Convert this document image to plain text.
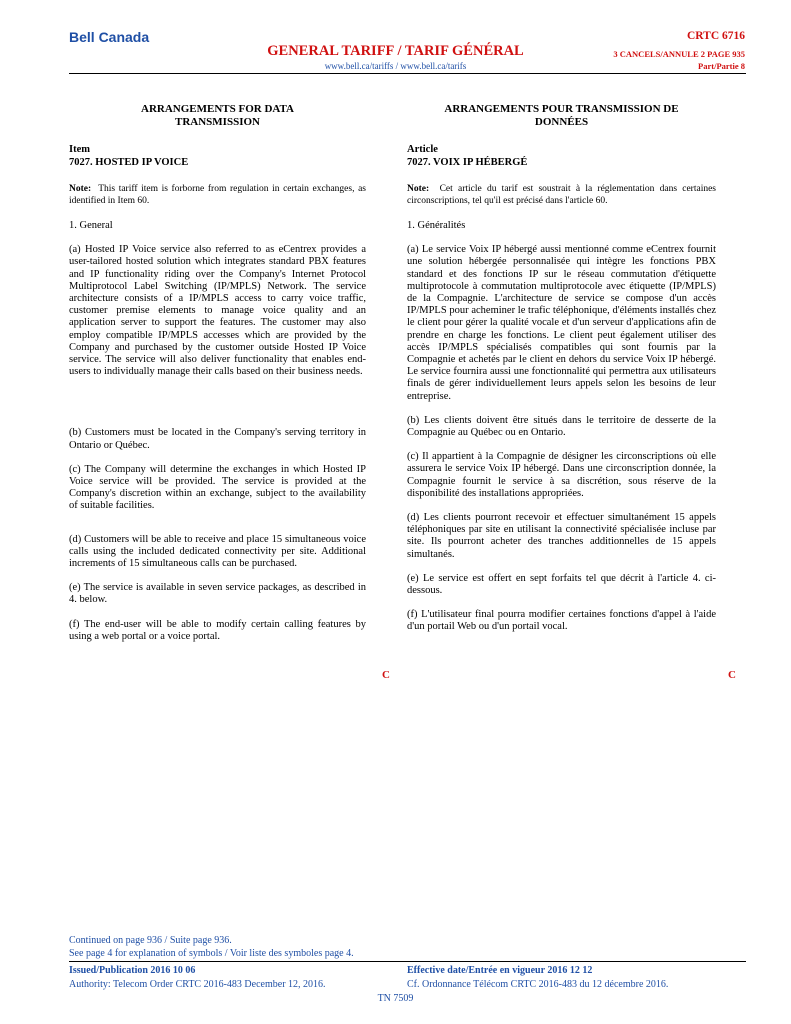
Bell Canada	CRTC 6716
GENERAL TARIFF / TARIF GÉNÉRAL	3 CANCELS/ANNULE 2 PAGE 935
www.bell.ca/tariffs / www.bell.ca/tarifs	Part/Partie 8
ARRANGEMENTS FOR DATA
TRANSMISSION
Item
7027. HOSTED IP VOICE
Note: This tariff item is forborne from regulation in certain exchanges, as identified in Item 60.
1. General
(a) Hosted IP Voice service also referred to as eCentrex provides a user-tailored hosted solution which integrates standard PBX features and IP functionality riding over the Company's Internet Protocol Multiprotocol Label Switching (IP/MPLS) Network. The service architecture consists of a IP/MPLS access to carry voice traffic, customer premise elements to manage voice quality and an application server to support the features. The customer may also employ compatible IP/MPLS accesses which are provided by the Company and purchased by the customer outside Hosted IP Voice service. The service will also deliver functionality that enables end-users to individually manage their calls based on their business needs.
(b) Customers must be located in the Company's serving territory in Ontario or Québec.
(c) The Company will determine the exchanges in which Hosted IP Voice service will be provided. The service is provided at the Company's discretion within an exchange, subject to the availability of suitable facilities.
(d) Customers will be able to receive and place 15 simultaneous voice calls using the included dedicated connectivity per site. Additional increments of 15 simultaneous calls can be purchased.
(e) The service is available in seven service packages, as described in 4. below.
(f) The end-user will be able to modify certain calling features by using a web portal or a voice portal.
C
ARRANGEMENTS POUR TRANSMISSION DE
DONNÉES
Article
7027. VOIX IP HÉBERGÉ
Note: Cet article du tarif est soustrait à la réglementation dans certaines circonscriptions, tel qu'il est précisé dans l'article 60.
1. Généralités
(a) Le service Voix IP hébergé aussi mentionné comme eCentrex fournit une solution hébergée personnalisée qui intègre les fonctions PBX standard et des fonctions IP sur le réseau commutation d'étiquette multiprotocole à commutation multiprotocole avec étiquette (IP/MPLS) de la Compagnie. L'architecture de service se compose d'un accès IP/MPLS pour acheminer le trafic téléphonique, d'éléments installés chez le client pour gérer la qualité vocale et d'un serveur d'applications afin de prendre en charge les fonctions. Le client peut également utiliser des accès IP/MPLS spécialisés compatibles qui sont fournis par la Compagnie et achetés par le client en dehors du service Voix IP hébergé. Le service fournira aussi une fonctionnalité qui permettra aux utilisateurs finals de gérer individuellement leurs appels selon les besoins de leur entreprise.
(b) Les clients doivent être situés dans le territoire de desserte de la Compagnie au Québec ou en Ontario.
(c) Il appartient à la Compagnie de désigner les circonscriptions où elle assurera le service Voix IP hébergé. Dans une circonscription donnée, la Compagnie fournit le service à sa discrétion, sous réserve de la disponibilité des installations appropriées.
(d) Les clients pourront recevoir et effectuer simultanément 15 appels téléphoniques par site en utilisant la connectivité spécialisée incluse par site. Ils pourront acheter des tranches additionnelles de 15 appels simultanés.
(e) Le service est offert en sept forfaits tel que décrit à l'article 4. ci-dessous.
(f) L'utilisateur final pourra modifier certaines fonctions d'appel à l'aide d'un portail Web ou d'un portail vocal.
C
Continued on page 936 / Suite page 936.
See page 4 for explanation of symbols / Voir liste des symboles page 4.
Issued/Publication 2016 10 06	Effective date/Entrée en vigueur 2016 12 12
Authority: Telecom Order CRTC 2016-483 December 12, 2016.	Cf. Ordonnance Télécom CRTC 2016-483 du 12 décembre 2016.
TN 7509
